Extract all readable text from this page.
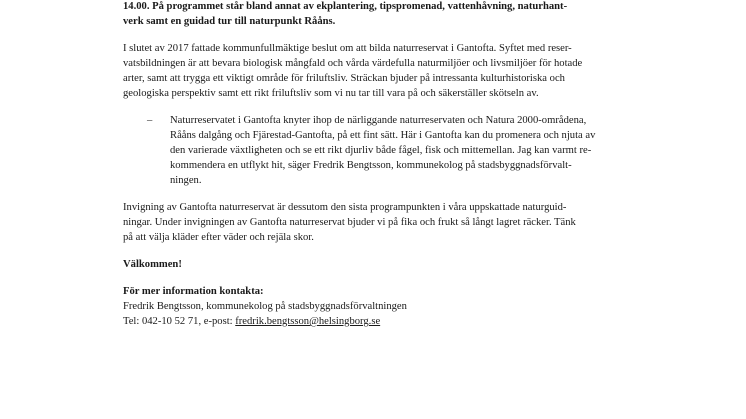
14.00. På programmet står bland annat av ekplantering, tipspromenad, vattenhåvning, naturhant-
verk samt en guidad tur till naturpunkt Rååns.
I slutet av 2017 fattade kommunfullmäktige beslut om att bilda naturreservat i Gantofta. Syftet med reser-
vatsbildningen är att bevara biologisk mångfald och vårda värdefulla naturmiljöer och livsmiljöer för hotade
arter, samt att trygga ett viktigt område för friluftsliv. Sträckan bjuder på intressanta kulturhistoriska och
geologiska perspektiv samt ett rikt friluftsliv som vi nu tar till vara på och säkerställer skötseln av.
– Naturreservatet i Gantofta knyter ihop de närliggande naturreservaten och Natura 2000-områdena,
Rååns dalgång och Fjärestad-Gantofta, på ett fint sätt. Här i Gantofta kan du promenera och njuta av
den varierade växtligheten och se ett rikt djurliv både fågel, fisk och mittemellan. Jag kan varmt re-
kommendera en utflykt hit, säger Fredrik Bengtsson, kommunekolog på stadsbyggnadsförvalt-
ningen.
Invigning av Gantofta naturreservat är dessutom den sista programpunkten i våra uppskattade naturguid-
ningar. Under invigningen av Gantofta naturreservat bjuder vi på fika och frukt så långt lagret räcker. Tänk
på att välja kläder efter väder och rejäla skor.
Välkommen!
För mer information kontakta:
Fredrik Bengtsson, kommunekolog på stadsbyggnadsförvaltningen
Tel: 042-10 52 71, e-post: fredrik.bengtsson@helsingborg.se
